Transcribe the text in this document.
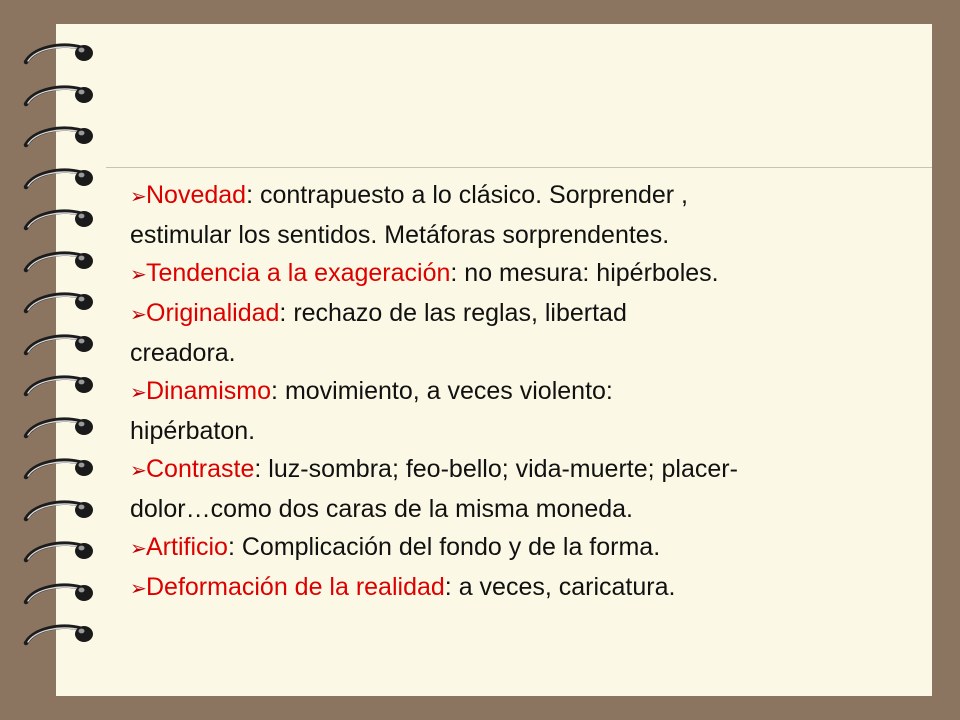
➢Novedad: contrapuesto a lo clásico. Sorprender ,
estimular los sentidos. Metáforas sorprendentes.

➢Tendencia a la exageración: no mesura: hipérboles.

➢Originalidad: rechazo de las reglas, libertad
creadora.

➢Dinamismo: movimiento, a veces violento:
hipérbaton.

➢Contraste: luz-sombra; feo-bello; vida-muerte; placer-
dolor…como dos caras de la misma moneda.

➢Artificio: Complicación del fondo y de la forma.

➢Deformación de la realidad: a veces, caricatura.
